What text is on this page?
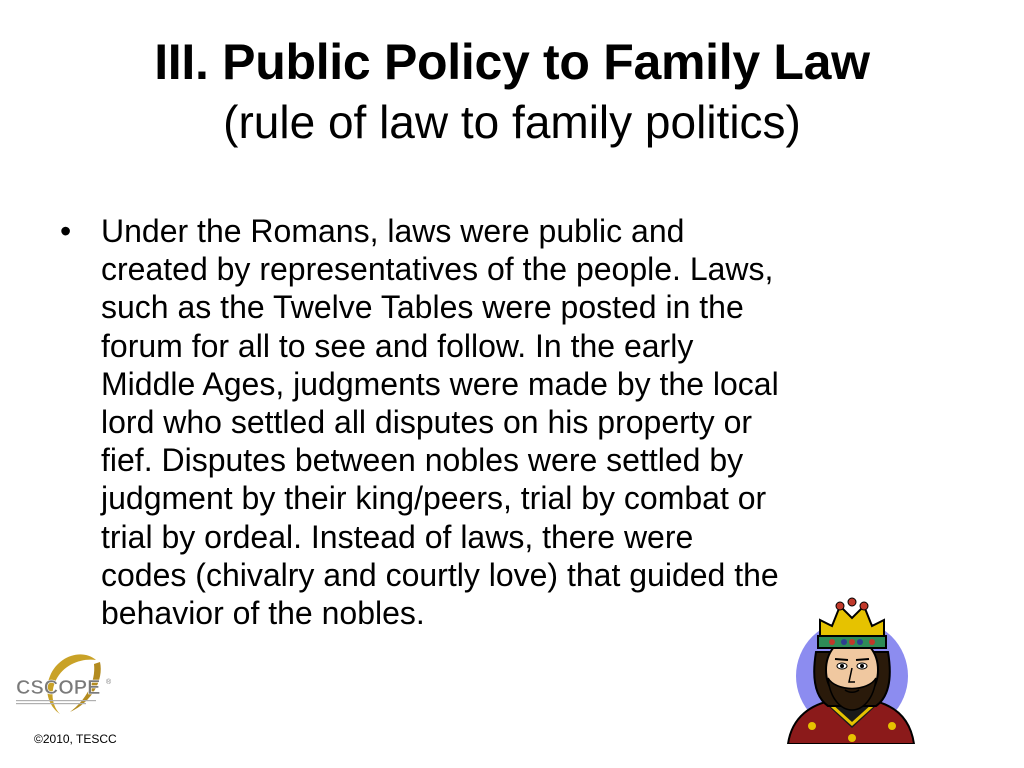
III. Public Policy to Family Law
(rule of law to family politics)
• Under the Romans, laws were public and
created by representatives of the people. Laws,
such as the Twelve Tables were posted in the
forum for all to see and follow. In the early
Middle Ages, judgments were made by the local
lord who settled all disputes on his property or
fief. Disputes between nobles were settled by
judgment by their king/peers, trial by combat or
trial by ordeal. Instead of laws, there were
codes (chivalry and courtly love) that guided the
behavior of the nobles.
CSCOPE ®
©2010, TESCC
